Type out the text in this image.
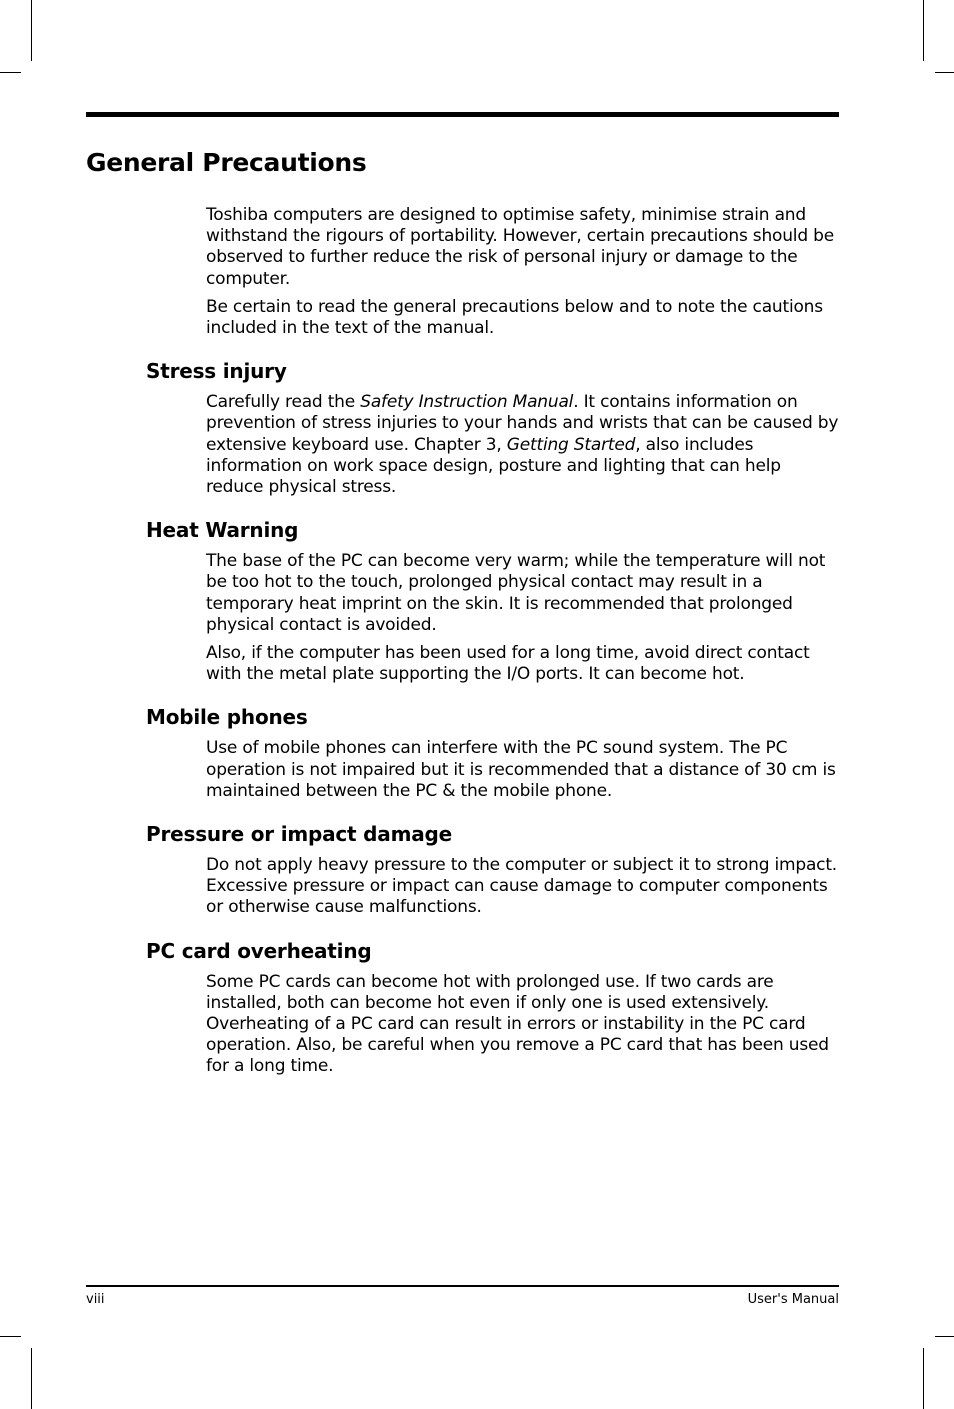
General Precautions

Toshiba computers are designed to optimise safety, minimise strain and withstand the rigours of portability. However, certain precautions should be observed to further reduce the risk of personal injury or damage to the computer.

Be certain to read the general precautions below and to note the cautions included in the text of the manual.

Stress injury

Carefully read the Safety Instruction Manual. It contains information on prevention of stress injuries to your hands and wrists that can be caused by extensive keyboard use. Chapter 3, Getting Started, also includes information on work space design, posture and lighting that can help reduce physical stress.

Heat Warning

The base of the PC can become very warm; while the temperature will not be too hot to the touch, prolonged physical contact may result in a temporary heat imprint on the skin. It is recommended that prolonged physical contact is avoided.

Also, if the computer has been used for a long time, avoid direct contact with the metal plate supporting the I/O ports. It can become hot.

Mobile phones

Use of mobile phones can interfere with the PC sound system. The PC operation is not impaired but it is recommended that a distance of 30 cm is maintained between the PC & the mobile phone.

Pressure or impact damage

Do not apply heavy pressure to the computer or subject it to strong impact. Excessive pressure or impact can cause damage to computer components or otherwise cause malfunctions.

PC card overheating

Some PC cards can become hot with prolonged use. If two cards are installed, both can become hot even if only one is used extensively. Overheating of a PC card can result in errors or instability in the PC card operation. Also, be careful when you remove a PC card that has been used for a long time.

viii	User's Manual
